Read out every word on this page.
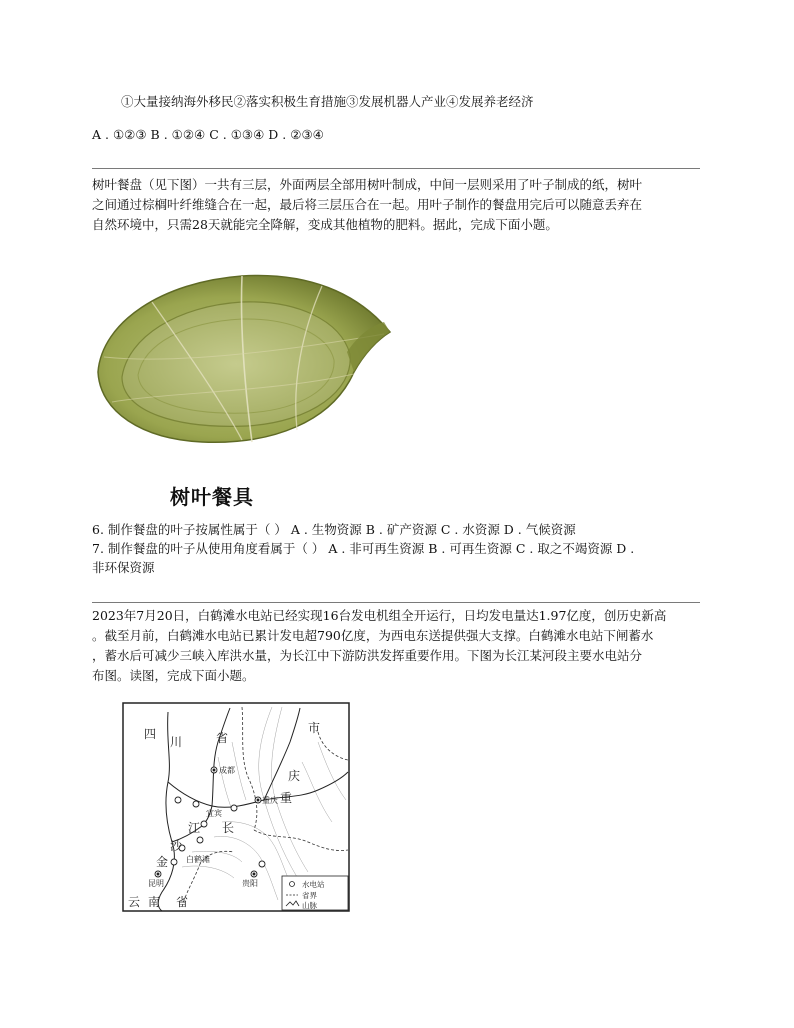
①大量接纳海外移民②落实积极生育措施③发展机器人产业④发展养老经济
A . ①②③ B . ①②④ C . ①③④ D . ②③④
树叶餐盘（见下图）一共有三层，外面两层全部用树叶制成，中间一层则采用了叶子制成的纸，树叶
之间通过棕榈叶纤维缝合在一起，最后将三层压合在一起。用叶子制作的餐盘用完后可以随意丢弃在
自然环境中，只需28天就能完全降解，变成其他植物的肥料。据此，完成下面小题。
树叶餐具
6. 制作餐盘的叶子按属性属于（ ） A . 生物资源 B . 矿产资源 C . 水资源 D . 气候资源
7. 制作餐盘的叶子从使用角度看属于（ ） A . 非可再生资源 B . 可再生资源 C . 取之不竭资源 D .
非环保资源
2023年7月20日，白鹤滩水电站已经实现16台发电机组全开运行，日均发电量达1.97亿度，创历史新高
。截至月前，白鹤滩水电站已累计发电超790亿度，为西电东送提供强大支撑。白鹤滩水电站下闸蓄水
，蓄水后可减少三峡入库洪水量，为长江中下游防洪发挥重要作用。下图为长江某河段主要水电站分
布图。读图，完成下面小题。
四
川	省
成都
市
庆
重
重庆
宜宾
江 长
金
沙
白鹤滩
昆明	贵阳
云 南 省
水电站
省界
山脉
